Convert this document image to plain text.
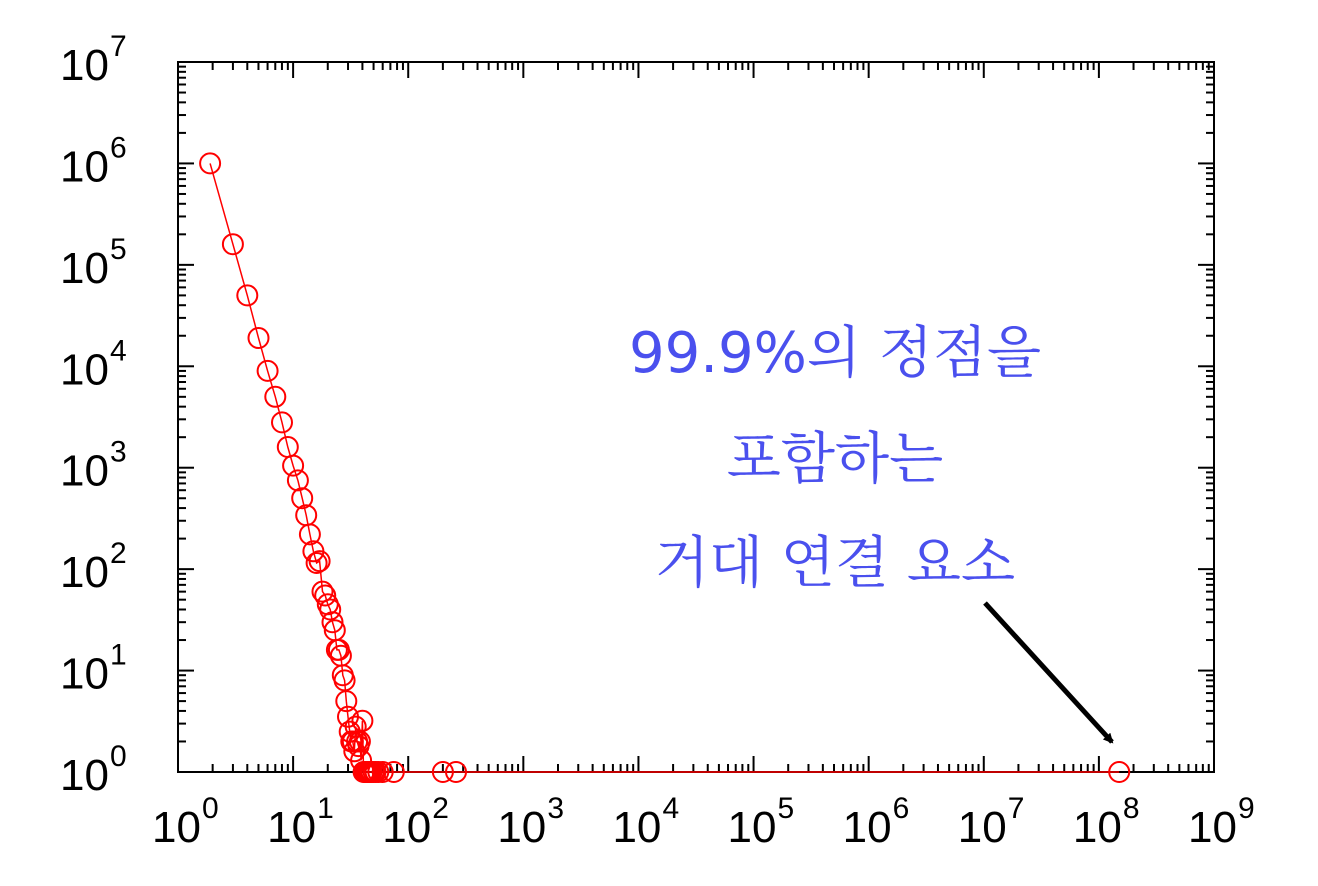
10 0 10 1 10 2 10 3 10 4 10 5 10 6 10 7 10 8 10 9
10 0
10 1
10 2
10 3
10 4
10 5
10 6
10 7
99.9%의 정점을
포함하는
거대 연결 요소
